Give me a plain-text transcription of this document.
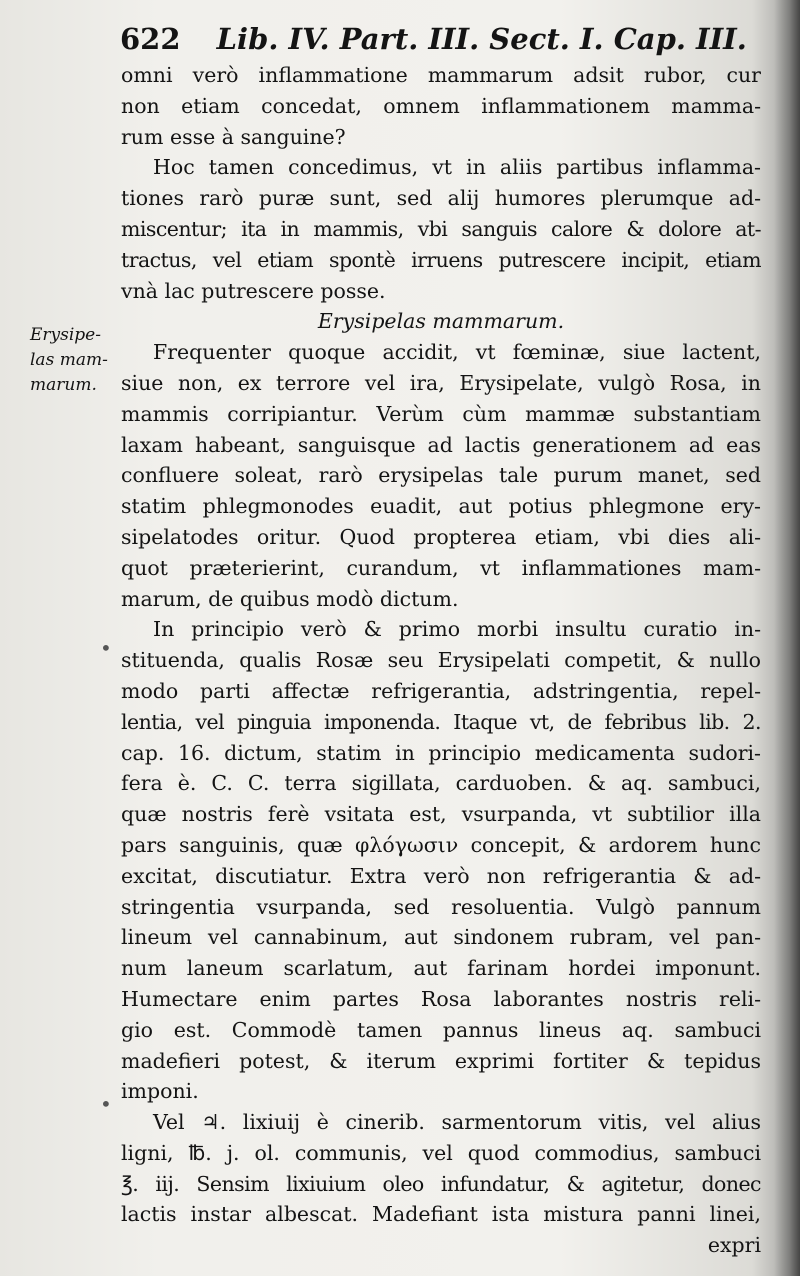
622 Lib. IV. Part. III. Sect. I. Cap. III.
Erysipe-
las mam-
marum.
omni verò inflammatione mammarum adsit rubor, cur
non etiam concedat, omnem inflammationem mamma-
rum esse à sanguine?
Hoc tamen concedimus, vt in aliis partibus inflamma-
tiones rarò puræ sunt, sed alij humores plerumque ad-
miscentur; ita in mammis, vbi sanguis calore & dolore at-
tractus, vel etiam spontè irruens putrescere incipit, etiam
vnà lac putrescere posse.
Erysipelas mammarum.
Frequenter quoque accidit, vt fœminæ, siue lactent,
siue non, ex terrore vel ira, Erysipelate, vulgò Rosa, in
mammis corripiantur. Verùm cùm mammæ substantiam
laxam habeant, sanguisque ad lactis generationem ad eas
confluere soleat, rarò erysipelas tale purum manet, sed
statim phlegmonodes euadit, aut potius phlegmone ery-
sipelatodes oritur. Quod propterea etiam, vbi dies ali-
quot præterierint, curandum, vt inflammationes mam-
marum, de quibus modò dictum.
In principio verò & primo morbi insultu curatio in-
stituenda, qualis Rosæ seu Erysipelati competit, & nullo
modo parti affectæ refrigerantia, adstringentia, repel-
lentia, vel pinguia imponenda. Itaque vt, de febribus lib. 2.
cap. 16. dictum, statim in principio medicamenta sudori-
fera è. C. C. terra sigillata, carduoben. & aq. sambuci,
quæ nostris ferè vsitata est, vsurpanda, vt subtilior illa
pars sanguinis, quæ φλόγωσιν concepit, & ardorem hunc
excitat, discutiatur. Extra verò non refrigerantia & ad-
stringentia vsurpanda, sed resoluentia. Vulgò pannum
lineum vel cannabinum, aut sindonem rubram, vel pan-
num laneum scarlatum, aut farinam hordei imponunt.
Humectare enim partes Rosa laborantes nostris reli-
gio est. Commodè tamen pannus lineus aq. sambuci
madefieri potest, & iterum exprimi fortiter & tepidus
imponi.
Vel ♃. lixiuij è cinerib. sarmentorum vitis, vel alius
ligni, ℔. j. ol. communis, vel quod commodius, sambuci
℥. iij. Sensim lixiuium oleo infundatur, & agitetur, donec
lactis instar albescat. Madefiant ista mistura panni linei,
expri
•
•
